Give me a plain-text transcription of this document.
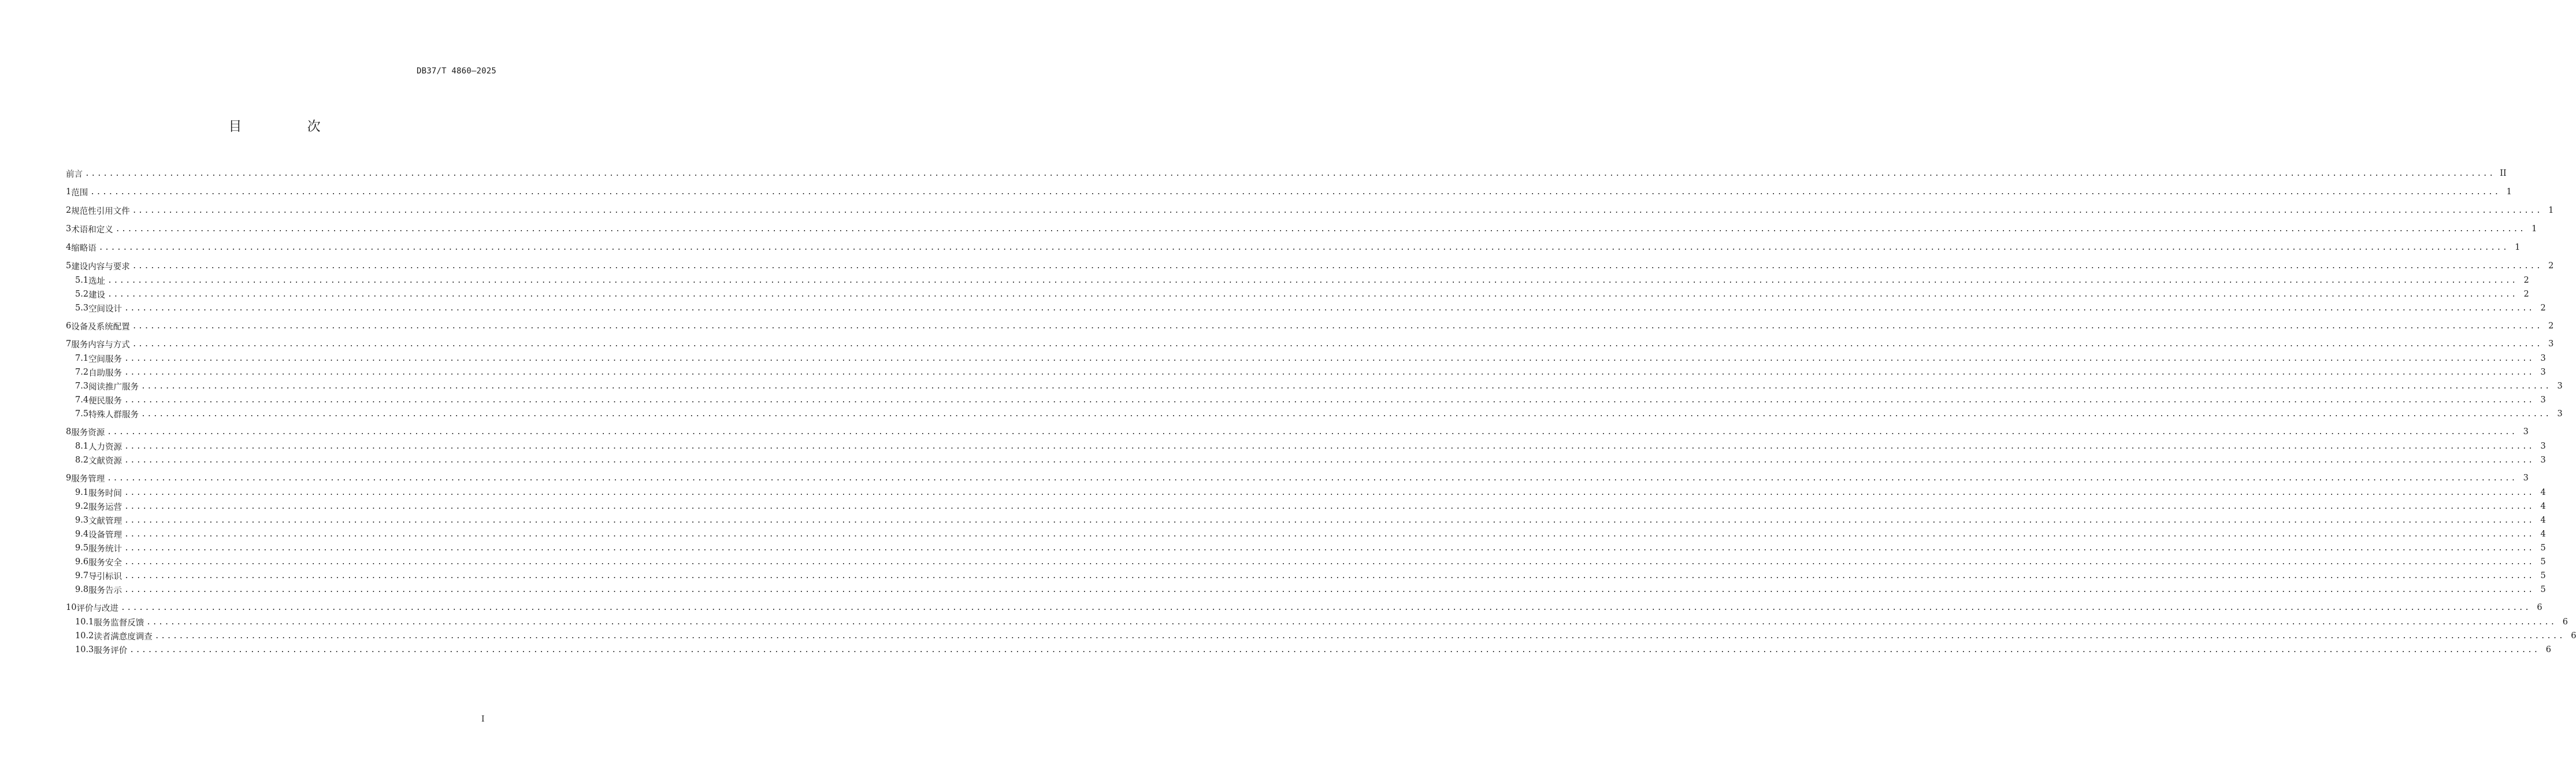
DB37/T 4860—2025
目 次
前言 ................................................................................................................................................................................................................................................................................................................................................................................................................ II
1 范围 ................................................................................................................................................................................................................................................................................................................................................................................................................ 1
2 规范性引用文件 ................................................................................................................................................................................................................................................................................................................................................................................................................ 1
3 术语和定义 ................................................................................................................................................................................................................................................................................................................................................................................................................ 1
4 缩略语 ................................................................................................................................................................................................................................................................................................................................................................................................................ 1
5 建设内容与要求 ................................................................................................................................................................................................................................................................................................................................................................................................................ 2
5.1 选址 ................................................................................................................................................................................................................................................................................................................................................................................................................ 2
5.2 建设 ................................................................................................................................................................................................................................................................................................................................................................................................................ 2
5.3 空间设计 ................................................................................................................................................................................................................................................................................................................................................................................................................ 2
6 设备及系统配置 ................................................................................................................................................................................................................................................................................................................................................................................................................ 2
7 服务内容与方式 ................................................................................................................................................................................................................................................................................................................................................................................................................ 3
7.1 空间服务 ................................................................................................................................................................................................................................................................................................................................................................................................................ 3
7.2 自助服务 ................................................................................................................................................................................................................................................................................................................................................................................................................ 3
7.3 阅读推广服务 ................................................................................................................................................................................................................................................................................................................................................................................................................ 3
7.4 便民服务 ................................................................................................................................................................................................................................................................................................................................................................................................................ 3
7.5 特殊人群服务 ................................................................................................................................................................................................................................................................................................................................................................................................................ 3
8 服务资源 ................................................................................................................................................................................................................................................................................................................................................................................................................ 3
8.1 人力资源 ................................................................................................................................................................................................................................................................................................................................................................................................................ 3
8.2 文献资源 ................................................................................................................................................................................................................................................................................................................................................................................................................ 3
9 服务管理 ................................................................................................................................................................................................................................................................................................................................................................................................................ 3
9.1 服务时间 ................................................................................................................................................................................................................................................................................................................................................................................................................ 4
9.2 服务运营 ................................................................................................................................................................................................................................................................................................................................................................................................................ 4
9.3 文献管理 ................................................................................................................................................................................................................................................................................................................................................................................................................ 4
9.4 设备管理 ................................................................................................................................................................................................................................................................................................................................................................................................................ 4
9.5 服务统计 ................................................................................................................................................................................................................................................................................................................................................................................................................ 5
9.6 服务安全 ................................................................................................................................................................................................................................................................................................................................................................................................................ 5
9.7 导引标识 ................................................................................................................................................................................................................................................................................................................................................................................................................ 5
9.8 服务告示 ................................................................................................................................................................................................................................................................................................................................................................................................................ 5
10 评价与改进 ................................................................................................................................................................................................................................................................................................................................................................................................................ 6
10.1 服务监督反馈 ................................................................................................................................................................................................................................................................................................................................................................................................................ 6
10.2 读者满意度调查 ................................................................................................................................................................................................................................................................................................................................................................................................................ 6
10.3 服务评价 ................................................................................................................................................................................................................................................................................................................................................................................................................ 6
I
